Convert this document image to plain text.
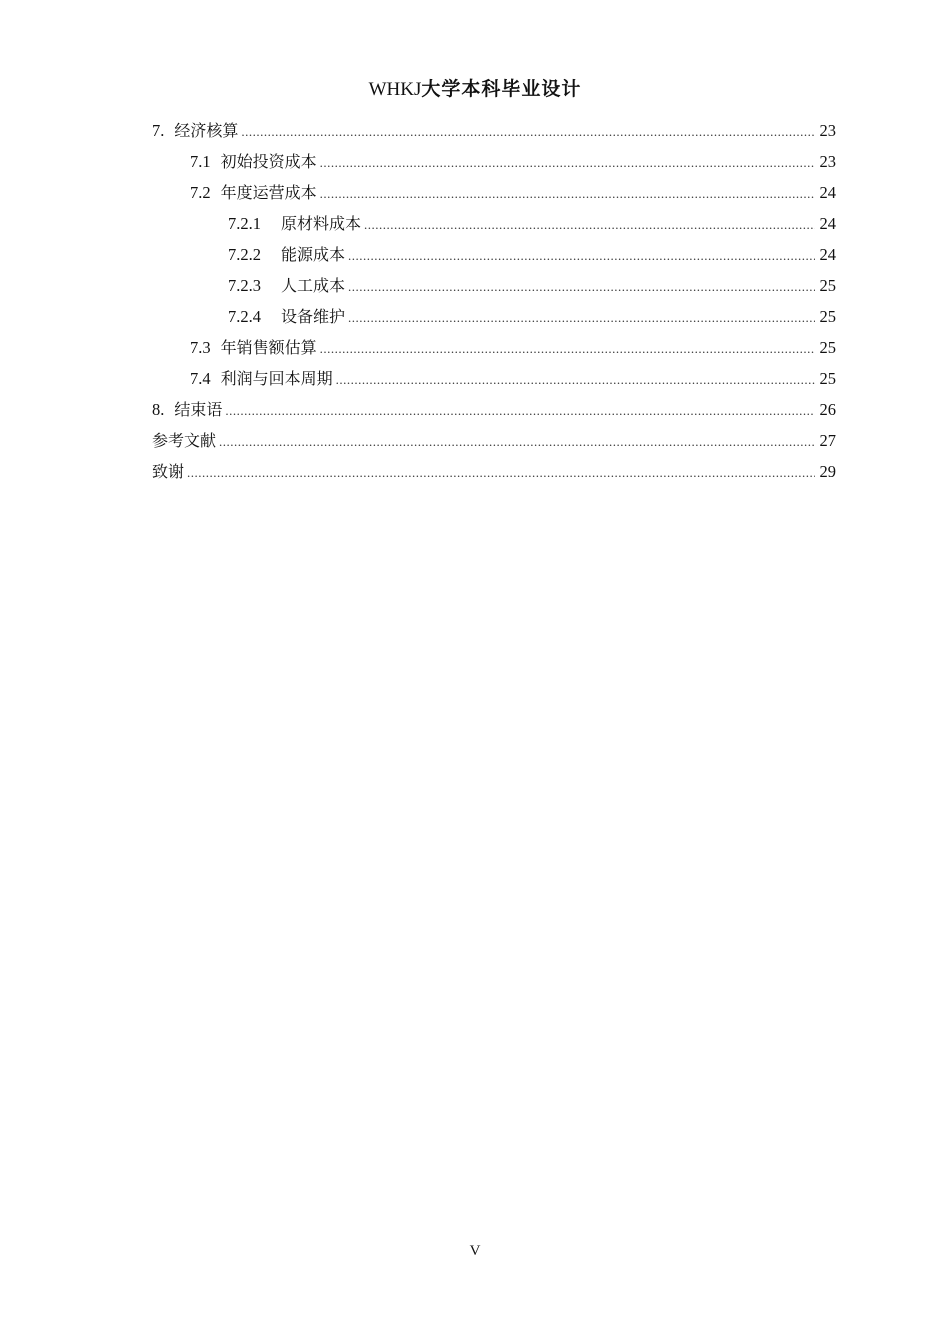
WHKJ大学本科毕业设计
7. 经济核算 .....	23
7.1 初始投资成本 .....	23
7.2 年度运营成本 .....	24
7.2.1 原材料成本 .....	24
7.2.2 能源成本 .....	24
7.2.3 人工成本 .....	25
7.2.4 设备维护 .....	25
7.3 年销售额估算 .....	25
7.4 利润与回本周期 .....	25
8. 结束语 .....	26
参考文献 .....	27
致谢 .....	29
V
